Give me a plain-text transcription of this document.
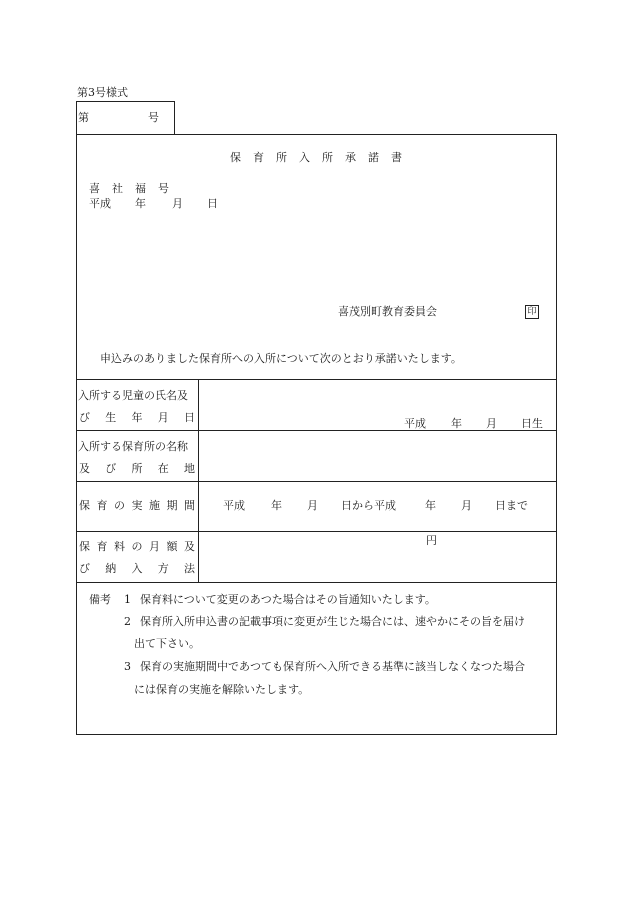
第3号様式
第	号
保 育 所 入 所 承 諾 書
喜 社 福 号
平成 年 月 日
喜茂別町教育委員会	印
申込みのありました保育所への入所について次のとおり承諾いたします。
入所する児童の氏名及
び 生 年 月 日	平成 年 月 日生
入所する保育所の名称
及 び 所 在 地
保 育 の 実 施 期 間	平成 年 月 日から平成	年 月 日まで
保 育 料 の 月 額 及
び 納 入 方 法
円
備考 1 保育料について変更のあつた場合はその旨通知いたします。
2 保育所入所申込書の記載事項に変更が生じた場合には、速やかにその旨を届け
出て下さい。
3 保育の実施期間中であつても保育所へ入所できる基準に該当しなくなつた場合
には保育の実施を解除いたします。
